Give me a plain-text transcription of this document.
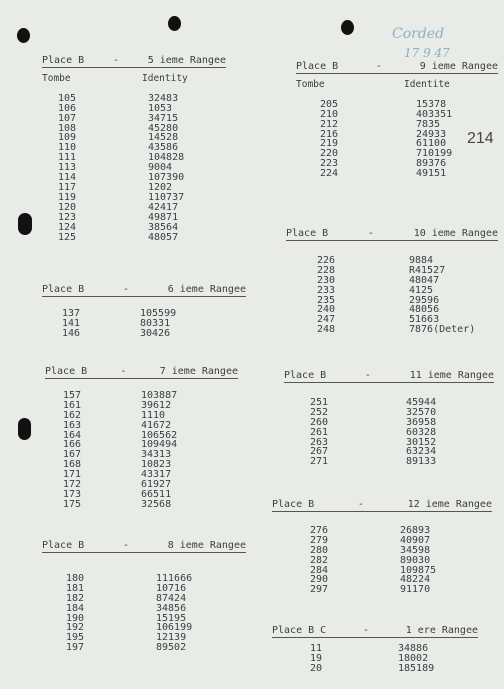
Corded
17 9 47
214
Place B	-	5 ieme Rangee
Tombe	Identity
105	32483
106	1053
107	34715
108	45280
109	14528
110	43586
111	104828
113	9004
114	107390
117	1202
119	110737
120	42417
123	49871
124	38564
125	48057
Place B	-	6 ieme Rangee
137	105599
141	80331
146	30426
Place B	-	7 ieme Rangee
157	103887
161	39612
162	1110
163	41672
164	106562
166	109494
167	34313
168	10823
171	43317
172	61927
173	66511
175	32568
Place B	-	8 ieme Rangee
180	111666
181	10716
182	87424
184	34856
190	15195
192	106199
195	12139
197	89502
Place B	-	9 ieme Rangee
Tombe	Identite
205	15378
210	403351
212	7835
216	24933
219	61100
220	710199
223	89376
224	49151
Place B	-	10 ieme Rangee
226	9884
228	R41527
230	48047
233	4125
235	29596
240	48056
247	51663
248	7876(Deter)
Place B	-	11 ieme Rangee
251	45944
252	32570
260	36958
261	60328
263	30152
267	63234
271	89133
Place B	-	12 ieme Rangee
276	26893
279	40907
280	34598
282	89030
284	109875
290	48224
297	91170
Place B C	-	1 ere Rangee
11	34886
19	18002
20	185189
